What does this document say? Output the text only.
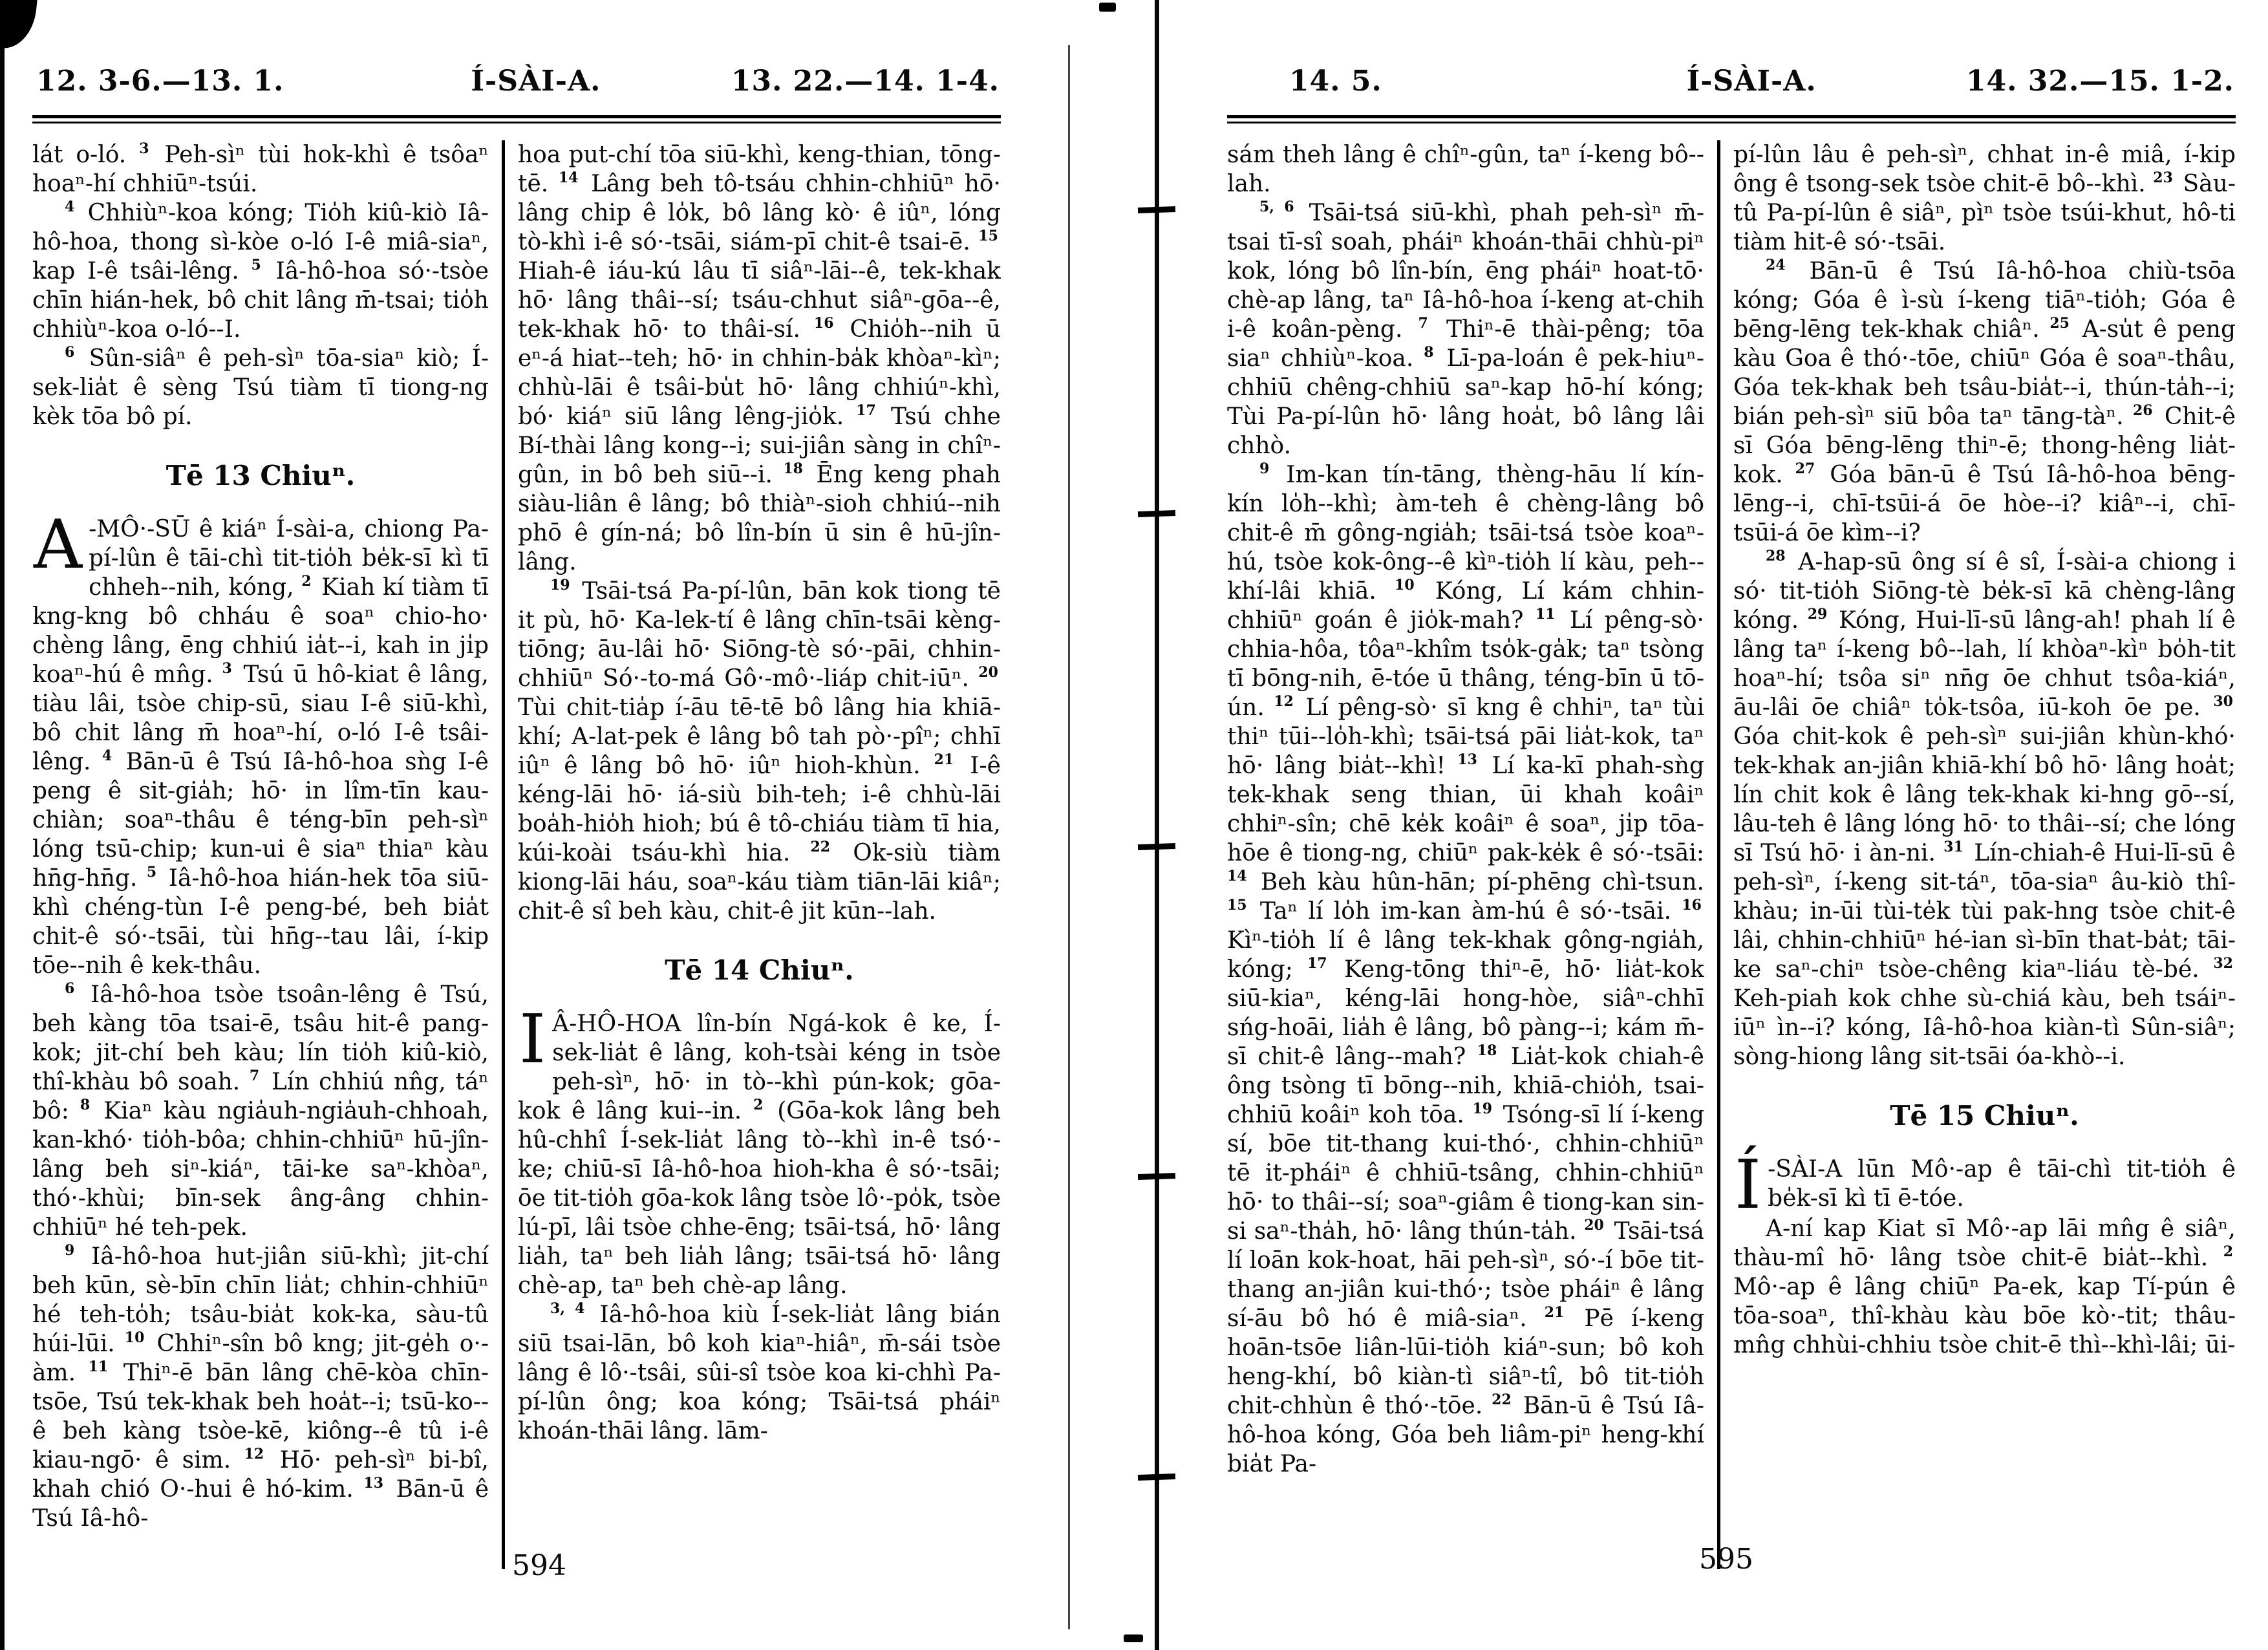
12. 3-6.—13. 1.	Í-SÀI-A.	13. 22.—14. 1-4.

lát o-ló. $^3$ Peh-sìⁿ tùi hok-khì ê tsôaⁿ hoaⁿ-hí chhiūⁿ-tsúi.

$^4$ Chhiùⁿ-koa kóng; Tio̍h kiû-kiò Iâ-hô-hoa, thong sì-kòe o-ló I-ê miâ-siaⁿ, kap I-ê tsâi-lêng. $^5$ Iâ-hô-hoa só·-tsòe chīn hián-hek, bô chit lâng m̄-tsai; tio̍h chhiùⁿ-koa o-ló--I.

$^6$ Sûn-siâⁿ ê peh-sìⁿ tōa-siaⁿ kiò; Í-sek-lia̍t ê sèng Tsú tiàm tī tiong-ng kèk tōa bô pí.

Tē 13 Chiuⁿ.

A -MÔ·-SŪ ê kiáⁿ Í-sài-a, chiong Pa-pí-lûn ê tāi-chì tit-tio̍h be̍k-sī kì tī chheh--nih, kóng, $^2$ Kiah kí tiàm tī kng-kng bô chháu ê soaⁿ chio-ho· chèng lâng, ēng chhiú ia̍t--i, kah in ji̍p koaⁿ-hú ê mn̂g. $^3$ Tsú ū hô-kiat ê lâng, tiàu lâi, tsòe chip-sū, siau I-ê siū-khì, bô chit lâng m̄ hoaⁿ-hí, o-ló I-ê tsâi-lêng. $^4$ Bān-ū ê Tsú Iâ-hô-hoa sǹg I-ê peng ê sit-gia̍h; hō· in lîm-tīn kau-chiàn; soaⁿ-thâu ê téng-bīn peh-sìⁿ lóng tsū-chip; kun-ui ê siaⁿ thiaⁿ kàu hn̄g-hn̄g. $^5$ Iâ-hô-hoa hián-hek tōa siū-khì chéng-tùn I-ê peng-bé, beh bia̍t chit-ê só·-tsāi, tùi hn̄g--tau lâi, í-kip tōe--nih ê kek-thâu.

$^6$ Iâ-hô-hoa tsòe tsoân-lêng ê Tsú, beh kàng tōa tsai-ē, tsâu hit-ê pang-kok; jit-chí beh kàu; lín tio̍h kiû-kiò, thî-khàu bô soah. $^7$ Lín chhiú nn̂g, táⁿ bô: $^8$ Kiaⁿ kàu ngia̍uh-ngia̍uh-chhoah, kan-khó· tio̍h-bôa; chhin-chhiūⁿ hū-jîn-lâng beh siⁿ-kiáⁿ, tāi-ke saⁿ-khòaⁿ, thó·-khùi; bīn-sek âng-âng chhin-chhiūⁿ hé teh-pek.

$^9$ Iâ-hô-hoa hut-jiân siū-khì; jit-chí beh kūn, sè-bīn chīn lia̍t; chhin-chhiūⁿ hé teh-to̍h; tsâu-bia̍t kok-ka, sàu-tû húi-lūi. $^{10}$ Chhiⁿ-sîn bô kng; jit-ge̍h o·-àm. $^{11}$ Thiⁿ-ē bān lâng chē-kòa chīn-tsōe, Tsú tek-khak beh hoa̍t--i; tsū-ko--ê beh kàng tsòe-kē, kiông--ê tû i-ê kiau-ngō· ê sim. $^{12}$ Hō· peh-sìⁿ bi-bî, khah chió O·-hui ê hó-kim. $^{13}$ Bān-ū ê Tsú Iâ-hô-

hoa put-chí tōa siū-khì, keng-thian, tōng-tē. $^{14}$ Lâng beh tô-tsáu chhin-chhiūⁿ hō· lâng chip ê lo̍k, bô lâng kò· ê iûⁿ, lóng tò-khì i-ê só·-tsāi, siám-pī chit-ê tsai-ē. $^{15}$ Hiah-ê iáu-kú lâu tī siâⁿ-lāi--ê, tek-khak hō· lâng thâi--sí; tsáu-chhut siâⁿ-gōa--ê, tek-khak hō· to thâi-sí. $^{16}$ Chio̍h--nih ū eⁿ-á hiat--teh; hō· in chhin-ba̍k khòaⁿ-kìⁿ; chhù-lāi ê tsâi-bu̍t hō· lâng chhiúⁿ-khì, bó· kiáⁿ siū lâng lêng-jio̍k. $^{17}$ Tsú chhe Bí-thài lâng kong--i; sui-jiân sàng in chîⁿ-gûn, in bô beh siū--i. $^{18}$ Ēng keng phah siàu-liân ê lâng; bô thiàⁿ-sioh chhiú--nih phō ê gín-ná; bô lîn-bín ū sin ê hū-jîn-lâng.

$^{19}$ Tsāi-tsá Pa-pí-lûn, bān kok tiong tē it pù, hō· Ka-lek-tí ê lâng chīn-tsāi kèng-tiōng; āu-lâi hō· Siōng-tè só·-pāi, chhin-chhiūⁿ Só·-to-má Gô·-mô·-liáp chit-iūⁿ. $^{20}$ Tùi chit-tia̍p í-āu tē-tē bô lâng hia khiā-khí; A-lat-pek ê lâng bô tah pò·-pîⁿ; chhī iûⁿ ê lâng bô hō· iûⁿ hioh-khùn. $^{21}$ I-ê kéng-lāi hō· iá-siù bih-teh; i-ê chhù-lāi boa̍h-hio̍h hioh; bú ê tô-chiáu tiàm tī hia, kúi-koài tsáu-khì hia. $^{22}$ Ok-siù tiàm kiong-lāi háu, soaⁿ-káu tiàm tiān-lāi kiâⁿ; chit-ê sî beh kàu, chit-ê jit kūn--lah.

Tē 14 Chiuⁿ.

I Â-HÔ-HOA lîn-bín Ngá-kok ê ke, Í-sek-lia̍t ê lâng, koh-tsài kéng in tsòe peh-sìⁿ, hō· in tò--khì pún-kok; gōa-kok ê lâng kui--in. $^2$ (Gōa-kok lâng beh hû-chhî Í-sek-lia̍t lâng tò--khì in-ê tsó·-ke; chiū-sī Iâ-hô-hoa hioh-kha ê só·-tsāi; ōe tit-tio̍h gōa-kok lâng tsòe lô·-po̍k, tsòe lú-pī, lâi tsòe chhe-ēng; tsāi-tsá, hō· lâng lia̍h, taⁿ beh lia̍h lâng; tsāi-tsá hō· lâng chè-ap, taⁿ beh chè-ap lâng.

$^{3, 4}$ Iâ-hô-hoa kiù Í-sek-lia̍t lâng bián siū tsai-lān, bô koh kiaⁿ-hiâⁿ, m̄-sái tsòe lâng ê lô·-tsâi, sûi-sî tsòe koa ki-chhì Pa-pí-lûn ông; koa kóng; Tsāi-tsá pháiⁿ khoán-thāi lâng. lām-

14. 5.	Í-SÀI-A.	14. 32.—15. 1-2.

sám theh lâng ê chîⁿ-gûn, taⁿ í-keng bô--lah.

$^{5, 6}$ Tsāi-tsá siū-khì, phah peh-sìⁿ m̄-tsai tī-sî soah, pháiⁿ khoán-thāi chhù-piⁿ kok, lóng bô lîn-bín, ēng pháiⁿ hoat-tō· chè-ap lâng, taⁿ Iâ-hô-hoa í-keng at-chih i-ê koân-pèng. $^7$ Thiⁿ-ē thài-pêng; tōa siaⁿ chhiùⁿ-koa. $^8$ Lī-pa-loán ê pek-hiuⁿ-chhiū chêng-chhiū saⁿ-kap hō-hí kóng; Tùi Pa-pí-lûn hō· lâng hoa̍t, bô lâng lâi chhò.

$^9$ Im-kan tín-tāng, thèng-hāu lí kín-kín lo̍h--khì; àm-teh ê chèng-lâng bô chit-ê m̄ gông-ngia̍h; tsāi-tsá tsòe koaⁿ-hú, tsòe kok-ông--ê kìⁿ-tio̍h lí kàu, peh--khí-lâi khiā. $^{10}$ Kóng, Lí kám chhin-chhiūⁿ goán ê jio̍k-mah? $^{11}$ Lí pêng-sò· chhia-hôa, tôaⁿ-khîm tso̍k-ga̍k; taⁿ tsòng tī bōng-nih, ē-tóe ū thâng, téng-bīn ū tō-ún. $^{12}$ Lí pêng-sò· sī kng ê chhiⁿ, taⁿ tùi thiⁿ tūi--lo̍h-khì; tsāi-tsá pāi lia̍t-kok, taⁿ hō· lâng bia̍t--khì! $^{13}$ Lí ka-kī phah-sǹg tek-khak seng thian, ūi khah koâiⁿ chhiⁿ-sîn; chē ke̍k koâiⁿ ê soaⁿ, ji̍p tōa-hōe ê tiong-ng, chiūⁿ pak-ke̍k ê só·-tsāi: $^{14}$ Beh kàu hûn-hān; pí-phēng chì-tsun. $^{15}$ Taⁿ lí lo̍h im-kan àm-hú ê só·-tsāi. $^{16}$ Kìⁿ-tio̍h lí ê lâng tek-khak gông-ngia̍h, kóng; $^{17}$ Keng-tōng thiⁿ-ē, hō· lia̍t-kok siū-kiaⁿ, kéng-lāi hong-hòe, siâⁿ-chhī sńg-hoāi, lia̍h ê lâng, bô pàng--i; kám m̄-sī chit-ê lâng--mah? $^{18}$ Lia̍t-kok chiah-ê ông tsòng tī bōng--nih, khiā-chio̍h, tsai-chhiū koâiⁿ koh tōa. $^{19}$ Tsóng-sī lí í-keng sí, bōe tit-thang kui-thó·, chhin-chhiūⁿ tē it-pháiⁿ ê chhiū-tsâng, chhin-chhiūⁿ hō· to thâi--sí; soaⁿ-giâm ê tiong-kan sin-si saⁿ-tha̍h, hō· lâng thún-ta̍h. $^{20}$ Tsāi-tsá lí loān kok-hoat, hāi peh-sìⁿ, só·-í bōe tit-thang an-jiân kui-thó·; tsòe pháiⁿ ê lâng sí-āu bô hó ê miâ-siaⁿ. $^{21}$ Pē í-keng hoān-tsōe liân-lūi-tio̍h kiáⁿ-sun; bô koh heng-khí, bô kiàn-tì siâⁿ-tî, bô tit-tio̍h chit-chhùn ê thó·-tōe. $^{22}$ Bān-ū ê Tsú Iâ-hô-hoa kóng, Góa beh liâm-piⁿ heng-khí bia̍t Pa-

pí-lûn lâu ê peh-sìⁿ, chhat in-ê miâ, í-kip ông ê tsong-sek tsòe chit-ē bô--khì. $^{23}$ Sàu-tû Pa-pí-lûn ê siâⁿ, pìⁿ tsòe tsúi-khut, hô-ti tiàm hit-ê só·-tsāi.

$^{24}$ Bān-ū ê Tsú Iâ-hô-hoa chiù-tsōa kóng; Góa ê ì-sù í-keng tiāⁿ-tio̍h; Góa ê bēng-lēng tek-khak chiâⁿ. $^{25}$ A-su̍t ê peng kàu Goa ê thó·-tōe, chiūⁿ Góa ê soaⁿ-thâu, Góa tek-khak beh tsâu-bia̍t--i, thún-ta̍h--i; bián peh-sìⁿ siū bôa taⁿ tāng-tàⁿ. $^{26}$ Chit-ê sī Góa bēng-lēng thiⁿ-ē; thong-hêng lia̍t-kok. $^{27}$ Góa bān-ū ê Tsú Iâ-hô-hoa bēng-lēng--i, chī-tsūi-á ōe hòe--i? kiâⁿ--i, chī-tsūi-á ōe kìm--i?

$^{28}$ A-hap-sū ông sí ê sî, Í-sài-a chiong i só· tit-tio̍h Siōng-tè be̍k-sī kā chèng-lâng kóng. $^{29}$ Kóng, Hui-lī-sū lâng-ah! phah lí ê lâng taⁿ í-keng bô--lah, lí khòaⁿ-kìⁿ bo̍h-tit hoaⁿ-hí; tsôa siⁿ nn̄g ōe chhut tsôa-kiáⁿ, āu-lâi ōe chiâⁿ to̍k-tsôa, iū-koh ōe pe. $^{30}$ Góa chit-kok ê peh-sìⁿ sui-jiân khùn-khó· tek-khak an-jiân khiā-khí bô hō· lâng hoa̍t; lín chit kok ê lâng tek-khak ki-hng gō--sí, lâu-teh ê lâng lóng hō· to thâi--sí; che lóng sī Tsú hō· i àn-ni. $^{31}$ Lín-chiah-ê Hui-lī-sū ê peh-sìⁿ, í-keng sit-táⁿ, tōa-siaⁿ âu-kiò thî-khàu; in-ūi tùi-te̍k tùi pak-hng tsòe chit-ê lâi, chhin-chhiūⁿ hé-ian sì-bīn that-ba̍t; tāi-ke saⁿ-chiⁿ tsòe-chêng kiaⁿ-liáu tè-bé. $^{32}$ Keh-piah kok chhe sù-chiá kàu, beh tsáiⁿ-iūⁿ ìn--i? kóng, Iâ-hô-hoa kiàn-tì Sûn-siâⁿ; sòng-hiong lâng sit-tsāi óa-khò--i.

Tē 15 Chiuⁿ.

Í -SÀI-A lūn Mô·-ap ê tāi-chì tit-tio̍h ê be̍k-sī kì tī ē-tóe.

A-ní kap Kiat sī Mô·-ap lāi mn̂g ê siâⁿ, thàu-mî hō· lâng tsòe chit-ē bia̍t--khì. $^2$ Mô·-ap ê lâng chiūⁿ Pa-ek, kap Tí-pún ê tōa-soaⁿ, thî-khàu kàu bōe kò·-tit; thâu-mn̂g chhùi-chhiu tsòe chit-ē thì--khì-lâi; ūi-

594	595
